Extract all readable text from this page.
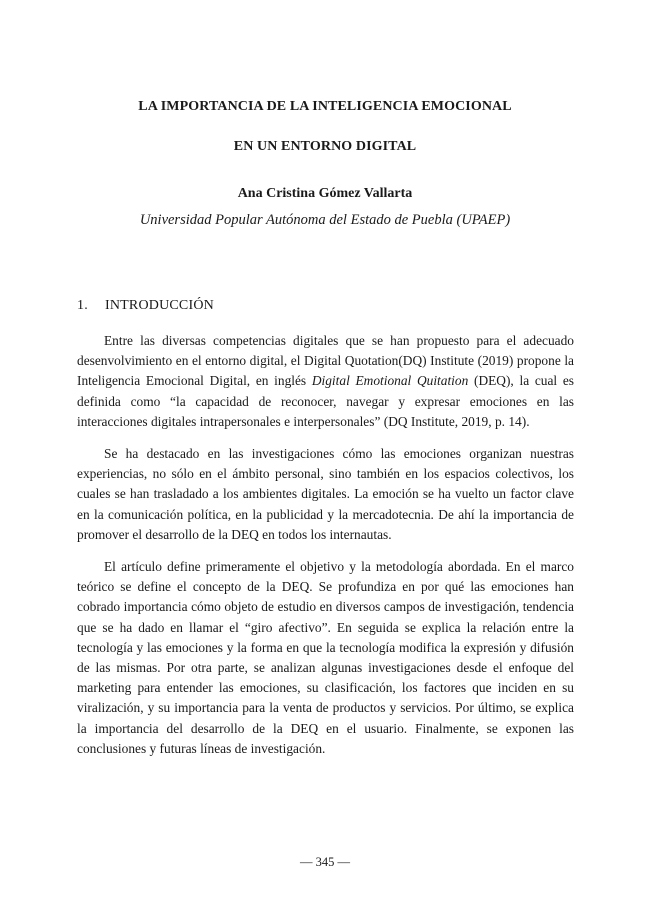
LA IMPORTANCIA DE LA INTELIGENCIA EMOCIONAL
EN UN ENTORNO DIGITAL
Ana Cristina Gómez Vallarta
Universidad Popular Autónoma del Estado de Puebla (UPAEP)
1. INTRODUCCIÓN

Entre las diversas competencias digitales que se han propuesto para el adecuado desenvolvimiento en el entorno digital, el Digital Quotation(DQ) Institute (2019) propone la Inteligencia Emocional Digital, en inglés Digital Emotional Quitation (DEQ), la cual es definida como “la capacidad de reconocer, navegar y expresar emociones en las interacciones digitales intrapersonales e interpersonales” (DQ Institute, 2019, p. 14).

Se ha destacado en las investigaciones cómo las emociones organizan nuestras experiencias, no sólo en el ámbito personal, sino también en los espacios colectivos, los cuales se han trasladado a los ambientes digitales. La emoción se ha vuelto un factor clave en la comunicación política, en la publicidad y la mercadotecnia. De ahí la importancia de promover el desarrollo de la DEQ en todos los internautas.

El artículo define primeramente el objetivo y la metodología abordada. En el marco teórico se define el concepto de la DEQ. Se profundiza en por qué las emociones han cobrado importancia cómo objeto de estudio en diversos campos de investigación, tendencia que se ha dado en llamar el “giro afectivo”. En seguida se explica la relación entre la tecnología y las emociones y la forma en que la tecnología modifica la expresión y difusión de las mismas. Por otra parte, se analizan algunas investigaciones desde el enfoque del marketing para entender las emociones, su clasificación, los factores que inciden en su viralización, y su importancia para la venta de productos y servicios. Por último, se explica la importancia del desarrollo de la DEQ en el usuario. Finalmente, se exponen las conclusiones y futuras líneas de investigación.

— 345 —
